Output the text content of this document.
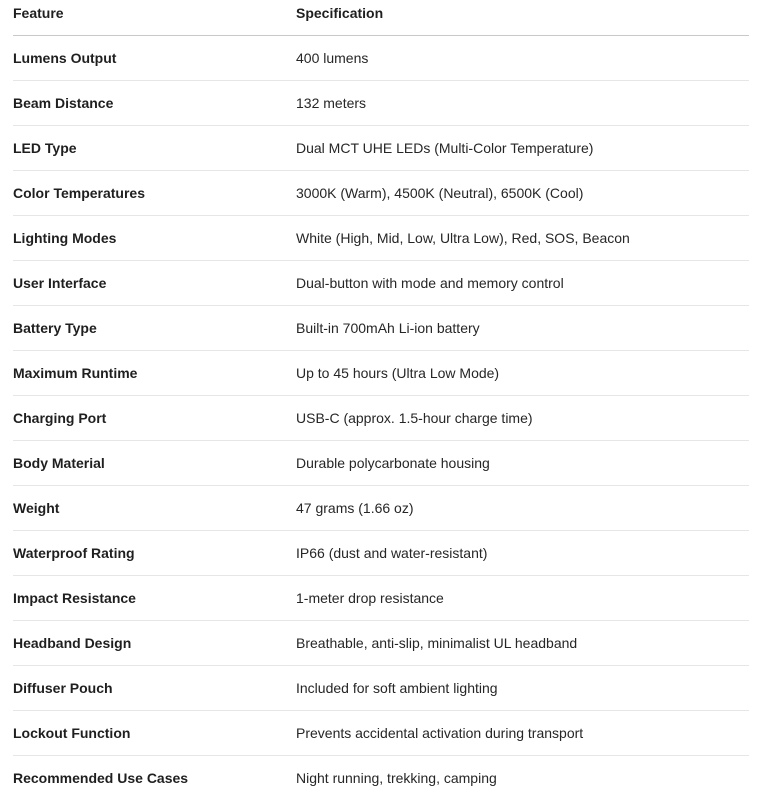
Feature	Specification
Lumens Output	400 lumens
Beam Distance	132 meters
LED Type	Dual MCT UHE LEDs (Multi-Color Temperature)
Color Temperatures	3000K (Warm), 4500K (Neutral), 6500K (Cool)
Lighting Modes	White (High, Mid, Low, Ultra Low), Red, SOS, Beacon
User Interface	Dual-button with mode and memory control
Battery Type	Built-in 700mAh Li-ion battery
Maximum Runtime	Up to 45 hours (Ultra Low Mode)
Charging Port	USB-C (approx. 1.5-hour charge time)
Body Material	Durable polycarbonate housing
Weight	47 grams (1.66 oz)
Waterproof Rating	IP66 (dust and water-resistant)
Impact Resistance	1-meter drop resistance
Headband Design	Breathable, anti-slip, minimalist UL headband
Diffuser Pouch	Included for soft ambient lighting
Lockout Function	Prevents accidental activation during transport
Recommended Use Cases	Night running, trekking, camping
